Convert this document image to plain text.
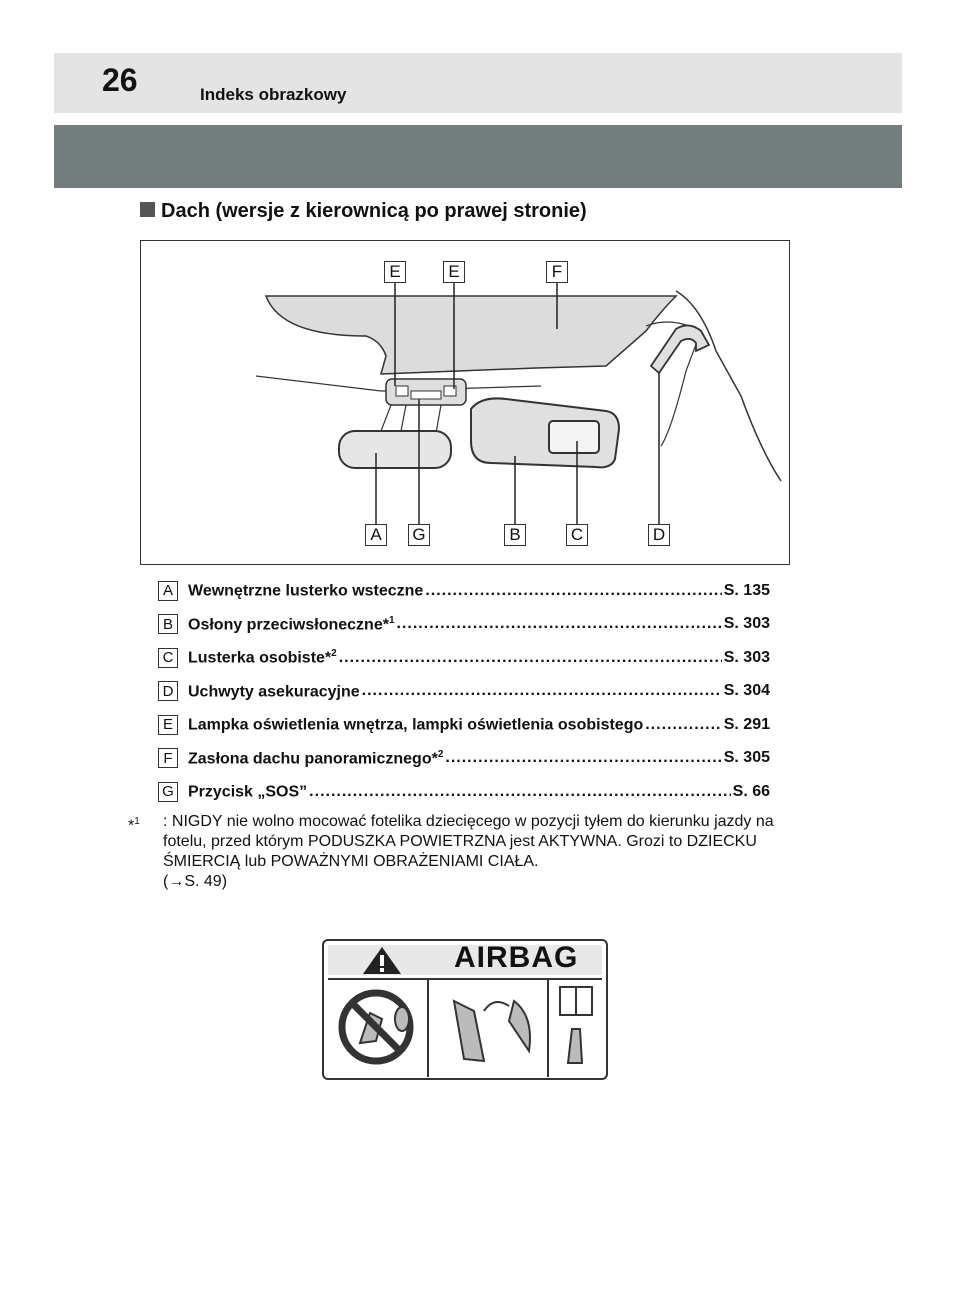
26	Indeks obrazkowy
Dach (wersje z kierownicą po prawej stronie)
E	E	F
A	G	B	C	D
A Wewnętrzne lusterko wsteczne .....	S. 135
B Osłony przeciwsłoneczne*$^1$ .....	S. 303
C Lusterka osobiste*$^2$ .....	S. 303
D Uchwyty asekuracyjne .....	S. 304
E Lampka oświetlenia wnętrza, lampki oświetlenia osobistego .....	S. 291
F Zasłona dachu panoramicznego*$^2$ .....	S. 305
G Przycisk „SOS” .....	S. 66
*$^1$ : NIGDY nie wolno mocować fotelika dziecięcego w pozycji tyłem do kierunku jazdy na fotelu, przed którym PODUSZKA POWIETRZNA jest AKTYWNA. Grozi to DZIECKU ŚMIERCIĄ lub POWAŻNYMI OBRAŻENIAMI CIAŁA.
(→S. 49)
AIRBAG
